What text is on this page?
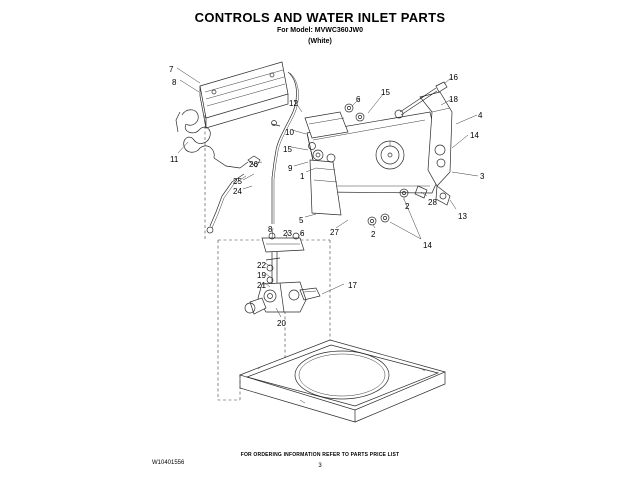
CONTROLS AND WATER INLET PARTS
For Model: MVWC360JW0
(White)
7
8
11
25
24
26
12
10
15
9
1
5
27
6
15
16
18
4
14
3
13
28
2
2
14
8 23 6
22
19
21
20
17
FOR ORDERING INFORMATION REFER TO PARTS PRICE LIST
3
W10401556
